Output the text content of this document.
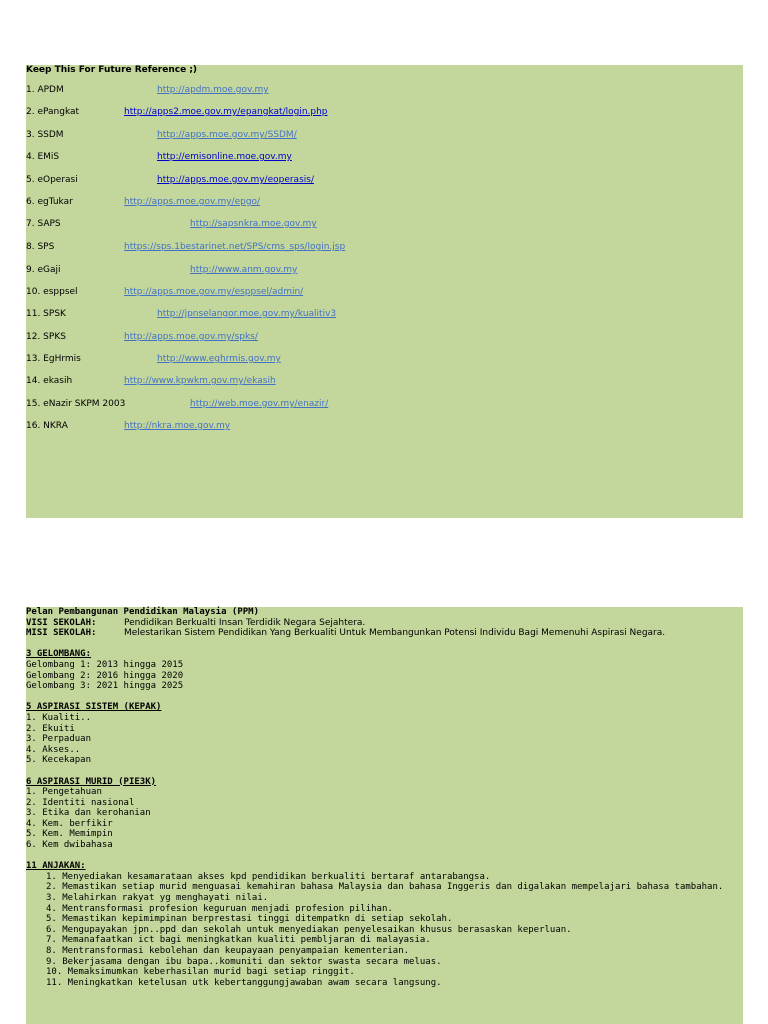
Keep This For Future Reference ;)
1. APDM	http://apdm.moe.gov.my
2. ePangkat	http://apps2.moe.gov.my/epangkat/login.php
3. SSDM	http://apps.moe.gov.my/SSDM/
4. EMiS	http://emisonline.moe.gov.my
5. eOperasi	http://apps.moe.gov.my/eoperasis/
6. egTukar	http://apps.moe.gov.my/epgo/
7. SAPS	http://sapsnkra.moe.gov.my
8. SPS	https://sps.1bestarinet.net/SPS/cms_sps/login.jsp
9. eGaji	http://www.anm.gov.my
10. esppsel	http://apps.moe.gov.my/esppsel/admin/
11. SPSK	http://jpnselangor.moe.gov.my/kualitiv3
12. SPKS	http://apps.moe.gov.my/spks/
13. EgHrmis	http://www.eghrmis.gov.my
14. ekasih	http://www.kpwkm.gov.my/ekasih
15. eNazir SKPM 2003	http://web.moe.gov.my/enazir/
16. NKRA	http://nkra.moe.gov.my
Pelan Pembangunan Pendidikan Malaysia (PPM)
VISI SEKOLAH:	Pendidikan Berkualti Insan Terdidik Negara Sejahtera.
MISI SEKOLAH:	Melestarikan Sistem Pendidikan Yang Berkualiti Untuk Membangunkan Potensi Individu Bagi Memenuhi Aspirasi Negara.
3 GELOMBANG:
Gelombang 1: 2013 hingga 2015
Gelombang 2: 2016 hingga 2020
Gelombang 3: 2021 hingga 2025
5 ASPIRASI SISTEM (KEPAK)
1. Kualiti..
2. Ekuiti
3. Perpaduan
4. Akses..
5. Kecekapan
6 ASPIRASI MURID (PIE3K)
1. Pengetahuan
2. Identiti nasional
3. Etika dan kerohanian
4. Kem. berfikir
5. Kem. Memimpin
6. Kem dwibahasa
11 ANJAKAN:
1. Menyediakan kesamarataan akses kpd pendidikan berkualiti bertaraf antarabangsa.
2. Memastikan setiap murid menguasai kemahiran bahasa Malaysia dan bahasa Inggeris dan digalakan mempelajari bahasa tambahan.
3. Melahirkan rakyat yg menghayati nilai.
4. Mentransformasi profesion keguruan menjadi profesion pilihan.
5. Memastikan kepimimpinan berprestasi tinggi ditempatkn di setiap sekolah.
6. Mengupayakan jpn..ppd dan sekolah untuk menyediakan penyelesaikan khusus berasaskan keperluan.
7. Memanafaatkan ict bagi meningkatkan kualiti pembljaran di malayasia.
8. Mentransformasi kebolehan dan keupayaan penyampaian kementerian.
9. Bekerjasama dengan ibu bapa..komuniti dan sektor swasta secara meluas.
10. Memaksimumkan keberhasilan murid bagi setiap ringgit.
11. Meningkatkan ketelusan utk kebertanggungjawaban awam secara langsung.
